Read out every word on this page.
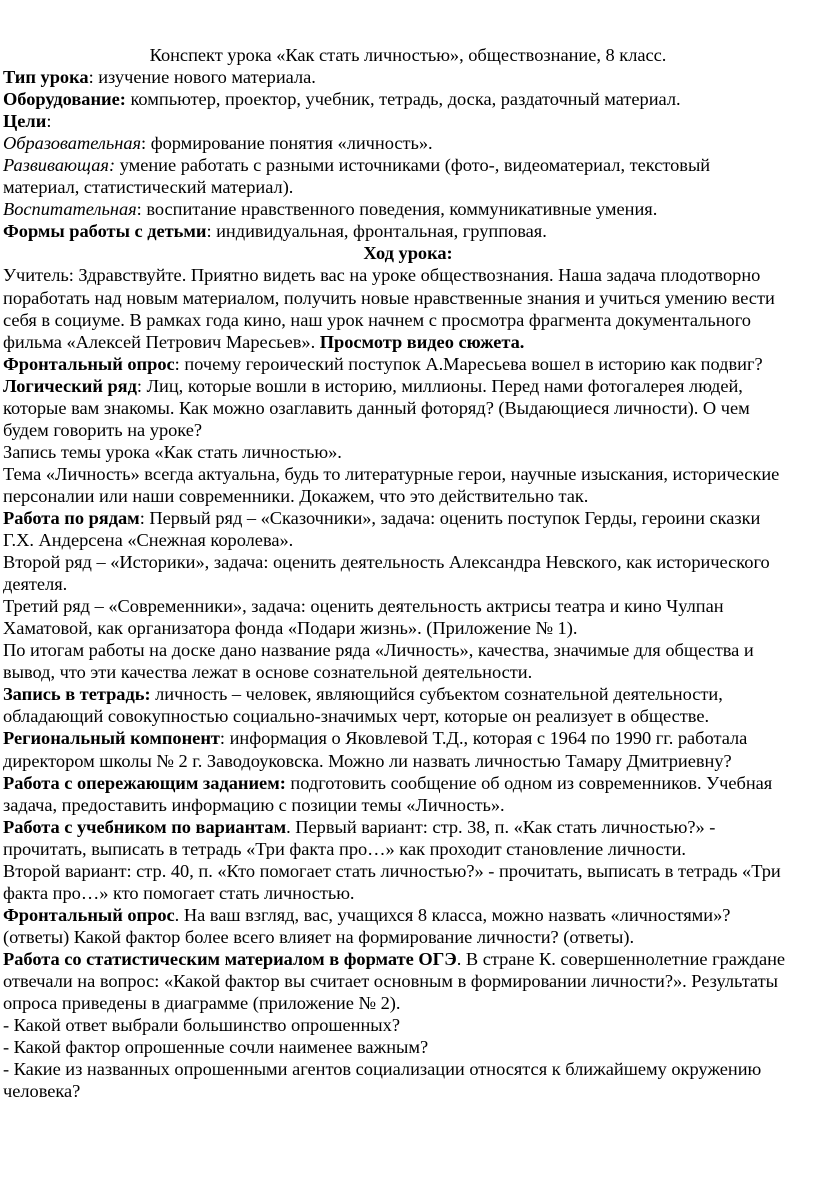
Конспект урока «Как стать личностью», обществознание, 8 класс.
Тип урока: изучение нового материала.
Оборудование: компьютер, проектор, учебник, тетрадь, доска, раздаточный материал.
Цели:
Образовательная: формирование понятия «личность».
Развивающая: умение работать с разными источниками (фото-, видеоматериал, текстовый
материал, статистический материал).
Воспитательная: воспитание нравственного поведения, коммуникативные умения.
Формы работы с детьми: индивидуальная, фронтальная, групповая.
Ход урока:
Учитель: Здравствуйте. Приятно видеть вас на уроке обществознания. Наша задача плодотворно
поработать над новым материалом, получить новые нравственные знания и учиться умению вести
себя в социуме. В рамках года кино, наш урок начнем с просмотра фрагмента документального
фильма «Алексей Петрович Маресьев». Просмотр видео сюжета.
Фронтальный опрос: почему героический поступок А.Маресьева вошел в историю как подвиг?
Логический ряд: Лиц, которые вошли в историю, миллионы. Перед нами фотогалерея людей,
которые вам знакомы. Как можно озаглавить данный фоторяд? (Выдающиеся личности). О чем
будем говорить на уроке?
Запись темы урока «Как стать личностью».
Тема «Личность» всегда актуальна, будь то литературные герои, научные изыскания, исторические
персоналии или наши современники. Докажем, что это действительно так.
Работа по рядам: Первый ряд – «Сказочники», задача: оценить поступок Герды, героини сказки
Г.Х. Андерсена «Снежная королева».
Второй ряд – «Историки», задача: оценить деятельность Александра Невского, как исторического
деятеля.
Третий ряд – «Современники», задача: оценить деятельность актрисы театра и кино Чулпан
Хаматовой, как организатора фонда «Подари жизнь». (Приложение № 1).
По итогам работы на доске дано название ряда «Личность», качества, значимые для общества и
вывод, что эти качества лежат в основе сознательной деятельности.
Запись в тетрадь: личность – человек, являющийся субъектом сознательной деятельности,
обладающий совокупностью социально-значимых черт, которые он реализует в обществе.
Региональный компонент: информация о Яковлевой Т.Д., которая с 1964 по 1990 гг. работала
директором школы № 2 г. Заводоуковска. Можно ли назвать личностью Тамару Дмитриевну?
Работа с опережающим заданием: подготовить сообщение об одном из современников. Учебная
задача, предоставить информацию с позиции темы «Личность».
Работа с учебником по вариантам. Первый вариант: стр. 38, п. «Как стать личностью?» -
прочитать, выписать в тетрадь «Три факта про…» как проходит становление личности.
Второй вариант: стр. 40, п. «Кто помогает стать личностью?» - прочитать, выписать в тетрадь «Три
факта про…» кто помогает стать личностью.
Фронтальный опрос. На ваш взгляд, вас, учащихся 8 класса, можно назвать «личностями»?
(ответы) Какой фактор более всего влияет на формирование личности? (ответы).
Работа со статистическим материалом в формате ОГЭ. В стране К. совершеннолетние граждане
отвечали на вопрос: «Какой фактор вы считает основным в формировании личности?». Результаты
опроса приведены в диаграмме (приложение № 2).
- Какой ответ выбрали большинство опрошенных?
- Какой фактор опрошенные сочли наименее важным?
- Какие из названных опрошенными агентов социализации относятся к ближайшему окружению
человека?
